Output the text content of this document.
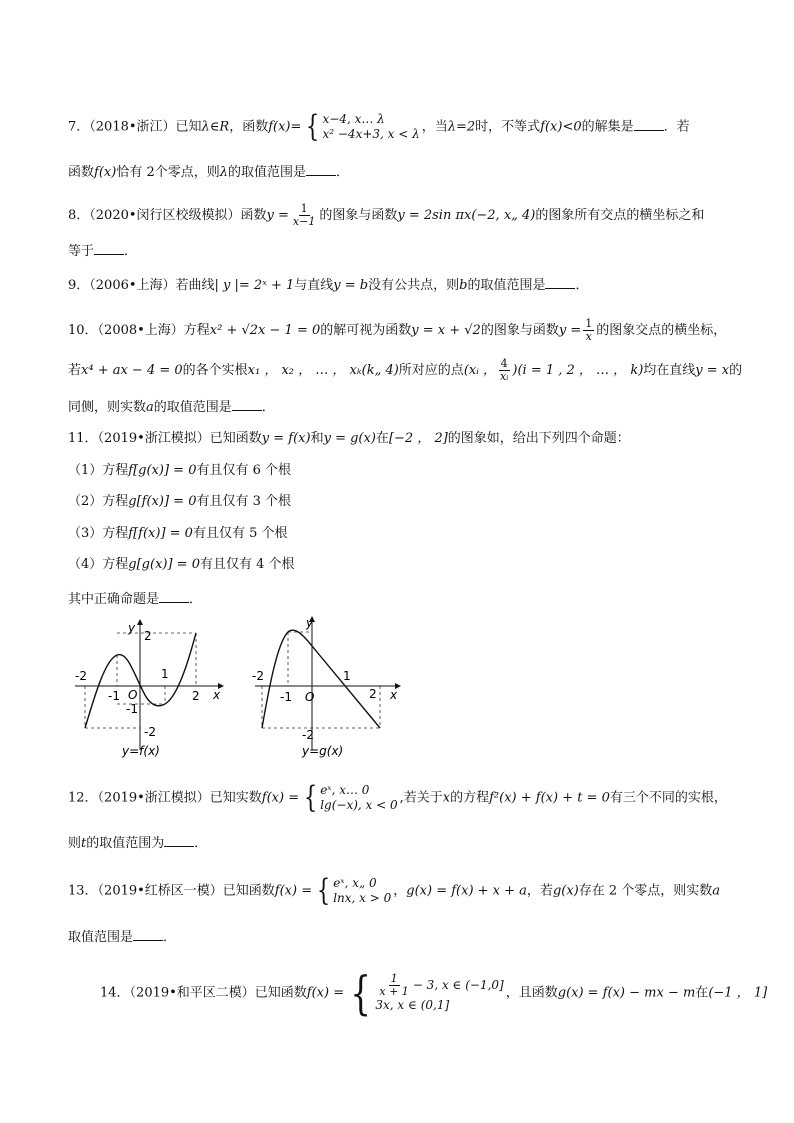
7．（2018•浙江）已知λ∈R，函数f(x)= { x−4, x… λ
x² −4x+3, x < λ ，当λ=2时，不等式f(x)<0的解集是 ．若
函数f(x)恰有 2个零点，则λ的取值范围是 ．
8．（2020•闵行区校级模拟）函数$y = \frac{1}{x-1}$ 的图象与函数y = 2sin πx(−2, x„ 4)的图象所有交点的横坐标之和
等于 ．
9．（2006•上海）若曲线| y |= 2ˣ + 1与直线y = b没有公共点，则b的取值范围是 ．
10．（2008•上海）方程x² + √2x − 1 = 0的解可视为函数y = x + √2的图象与函数$y = \frac{1}{x}$ 的图象交点的横坐标，
若x⁴ + ax − 4 = 0的各个实根x₁ ， x₂ ， … ， xₖ(k„ 4)所对应的点(xᵢ ， $\frac{4}{\text{xᵢ}} )(i = 1$ , 2 ， … ， k)均在直线y = x的
同侧，则实数a的取值范围是 ．
11．（2019•浙江模拟）已知函数y = f(x)和y = g(x)在[−2 ， 2]的图象如，给出下列四个命题：
（1）方程f[g(x)] = 0有且仅有 6 个根
（2）方程g[f(x)] = 0有且仅有 3 个根
（3）方程f[f(x)] = 0有且仅有 5 个根
（4）方程g[g(x)] = 0有且仅有 4 个根
其中正确命题是 ．
y
2
-2
-1 O
1
2 x
-1
-2
y=f(x)
y
-2
-1 O
1
2 x
-2
y=g(x)
12．（2019•浙江模拟）已知实数f(x) = { eˣ, x… 0
lg(−x), x < 0 ,若关于x的方程f²(x) + f(x) + t = 0有三个不同的实根，
则t的取值范围为 ．
13．（2019•红桥区一模）已知函数f(x) = { eˣ, x„ 0
lnx, x > 0 ，g(x) = f(x) + x + a，若g(x)存在 2 个零点，则实数a
取值范围是 ．
14．（2019•和平区二模）已知函数f(x) = { $\frac{1}{x + 1} - 3$, x ∈ (−1,0]
3x, x ∈ (0,1]
，且函数g(x) = f(x) − mx − m在(−1 ， 1]
